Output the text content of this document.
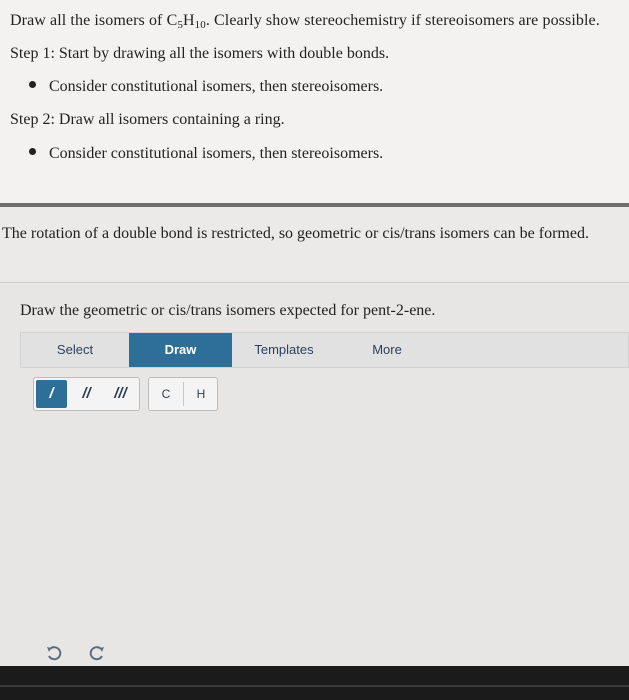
Draw all the isomers of $C_5H_{10}$. Clearly show stereochemistry if stereoisomers are possible.
Step 1: Start by drawing all the isomers with double bonds.
Consider constitutional isomers, then stereoisomers.
Step 2: Draw all isomers containing a ring.
Consider constitutional isomers, then stereoisomers.
The rotation of a double bond is restricted, so geometric or cis/trans isomers can be formed.
Draw the geometric or cis/trans isomers expected for pent-2-ene.
Select	Draw	Templates	More
/	//	///	C	H
